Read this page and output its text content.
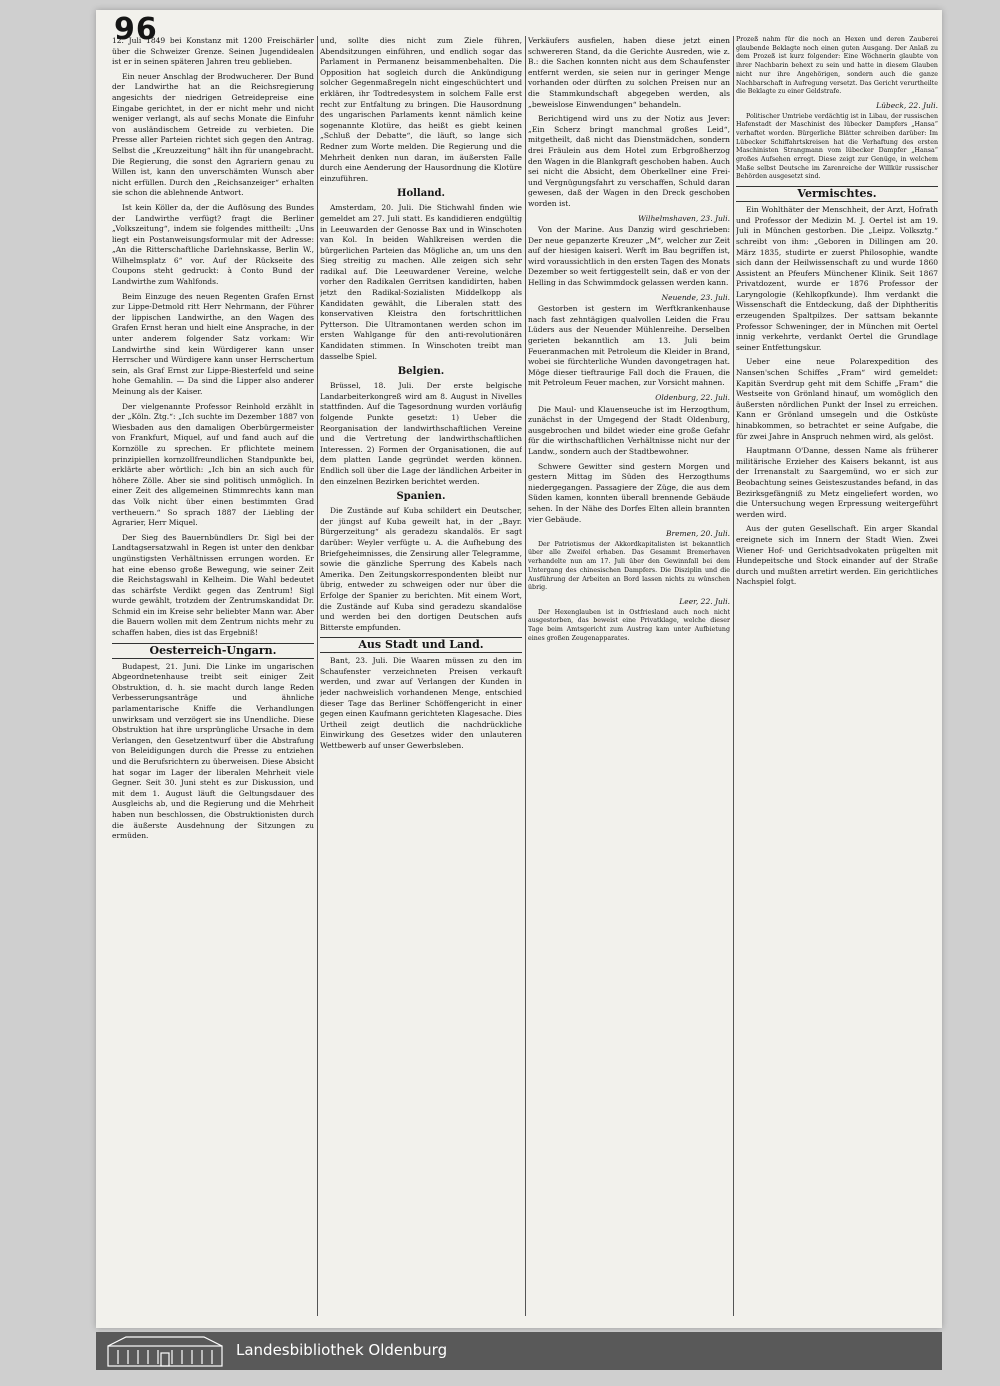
96

12. Juli 1849 bei Konstanz mit 1200 Freischärler über die Schweizer Grenze. Seinen Jugendidealen ist er in seinen späteren Jahren treu geblieben.

Ein neuer Anschlag der Brodwucherer. Der Bund der Landwirthe hat an die Reichsregierung angesichts der niedrigen Getreidepreise eine Eingabe gerichtet, in der er nicht mehr und nicht weniger verlangt, als auf sechs Monate die Einfuhr von ausländischem Getreide zu verbieten. Die Presse aller Parteien richtet sich gegen den Antrag. Selbst die „Kreuzzeitung“ hält ihn für unangebracht. Die Regierung, die sonst den Agrariern genau zu Willen ist, kann den unverschämten Wunsch aber nicht erfüllen. Durch den „Reichsanzeiger“ erhalten sie schon die ablehnende Antwort.

Ist kein Köller da, der die Auflösung des Bundes der Landwirthe verfügt? fragt die Berliner „Volkszeitung“, indem sie folgendes mittheilt: „Uns liegt ein Postanweisungsformular mit der Adresse: „An die Ritterschaftliche Darlehnskasse, Berlin W., Wilhelmsplatz 6“ vor. Auf der Rückseite des Coupons steht gedruckt: à Conto Bund der Landwirthe zum Wahlfonds.

Beim Einzuge des neuen Regenten Grafen Ernst zur Lippe-Detmold ritt Herr Nehrmann, der Führer der lippischen Landwirthe, an den Wagen des Grafen Ernst heran und hielt eine Ansprache, in der unter anderem folgender Satz vorkam: Wir Landwirthe sind kein Würdigerer kann unser Herrscher und Würdigere kann unser Herrschertum sein, als Graf Ernst zur Lippe-Biesterfeld und seine hohe Gemahlin. — Da sind die Lipper also anderer Meinung als der Kaiser.

Der vielgenannte Professor Reinhold erzählt in der „Köln. Ztg.“: „Ich suchte im Dezember 1887 von Wiesbaden aus den damaligen Oberbürgermeister von Frankfurt, Miquel, auf und fand auch auf die Kornzölle zu sprechen. Er pflichtete meinem prinzipiellen kornzollfreundlichen Standpunkte bei, erklärte aber wörtlich: „Ich bin an sich auch für höhere Zölle. Aber sie sind politisch unmöglich. In einer Zeit des allgemeinen Stimmrechts kann man das Volk nicht über einen bestimmten Grad vertheuern.“ So sprach 1887 der Liebling der Agrarier, Herr Miquel.

Der Sieg des Bauernbündlers Dr. Sigl bei der Landtagsersatzwahl in Regen ist unter den denkbar ungünstigsten Verhältnissen errungen worden. Er hat eine ebenso große Bewegung, wie seiner Zeit die Reichstagswahl in Kelheim. Die Wahl bedeutet das schärfste Verdikt gegen das Zentrum! Sigl wurde gewählt, trotzdem der Zentrumskandidat Dr. Schmid ein im Kreise sehr beliebter Mann war. Aber die Bauern wollen mit dem Zentrum nichts mehr zu schaffen haben, dies ist das Ergebniß!

Oesterreich-Ungarn.

Budapest, 21. Juni. Die Linke im ungarischen Abgeordnetenhause treibt seit einiger Zeit Obstruktion, d. h. sie macht durch lange Reden Verbesserungsanträge und ähnliche parlamentarische Kniffe die Verhandlungen unwirksam und verzögert sie ins Unendliche. Diese Obstruktion hat ihre ursprüngliche Ursache in dem Verlangen, den Gesetzentwurf über die Abstrafung von Beleidigungen durch die Presse zu entziehen und die Berufsrichtern zu überweisen. Diese Absicht hat sogar im Lager der liberalen Mehrheit viele Gegner. Seit 30. Juni steht es zur Diskussion, und mit dem 1. August läuft die Geltungsdauer des Ausgleichs ab, und die Regierung und die Mehrheit haben nun beschlossen, die Obstruktionisten durch die äußerste Ausdehnung der Sitzungen zu ermüden.

und, sollte dies nicht zum Ziele führen, Abendsitzungen einführen, und endlich sogar das Parlament in Permanenz beisammenbehalten. Die Opposition hat sogleich durch die Ankündigung solcher Gegenmaßregeln nicht eingeschüchtert und erklären, ihr Todtredesystem in solchem Falle erst recht zur Entfaltung zu bringen. Die Hausordnung des ungarischen Parlaments kennt nämlich keine sogenannte Klotüre, das heißt es giebt keinen „Schluß der Debatte“, die läuft, so lange sich Redner zum Worte melden. Die Regierung und die Mehrheit denken nun daran, im äußersten Falle durch eine Aenderung der Hausordnung die Klotüre einzuführen.

Holland.

Amsterdam, 20. Juli. Die Stichwahl finden wie gemeldet am 27. Juli statt. Es kandidieren endgültig in Leeuwarden der Genosse Bax und in Winschoten van Kol. In beiden Wahlkreisen werden die bürgerlichen Parteien das Mögliche an, um uns den Sieg streitig zu machen. Alle zeigen sich sehr radikal auf. Die Leeuwardener Vereine, welche vorher den Radikalen Gerritsen kandidirten, haben jetzt den Radikal-Sozialisten Middelkopp als Kandidaten gewählt, die Liberalen statt des konservativen Kleistra den fortschrittlichen Pytterson. Die Ultramontanen werden schon im ersten Wahlgange für den anti-revolutionären Kandidaten stimmen. In Winschoten treibt man dasselbe Spiel.

Belgien.

Brüssel, 18. Juli. Der erste belgische Landarbeiterkongreß wird am 8. August in Nivelles stattfinden. Auf die Tagesordnung wurden vorläufig folgende Punkte gesetzt: 1) Ueber die Reorganisation der landwirthschaftlichen Vereine und die Vertretung der landwirthschaftlichen Interessen. 2) Formen der Organisationen, die auf dem platten Lande gegründet werden können. Endlich soll über die Lage der ländlichen Arbeiter in den einzelnen Bezirken berichtet werden.

Spanien.

Die Zustände auf Kuba schildert ein Deutscher, der jüngst auf Kuba geweilt hat, in der „Bayr. Bürgerzeitung“ als geradezu skandalös. Er sagt darüber: Weyler verfügte u. A. die Aufhebung des Briefgeheimnisses, die Zensirung aller Telegramme, sowie die gänzliche Sperrung des Kabels nach Amerika. Den Zeitungskorrespondenten bleibt nur übrig, entweder zu schweigen oder nur über die Erfolge der Spanier zu berichten. Mit einem Wort, die Zustände auf Kuba sind geradezu skandalöse und werden bei den dortigen Deutschen aufs Bitterste empfunden.

Aus Stadt und Land.

Bant, 23. Juli. Die Waaren müssen zu den im Schaufenster verzeichneten Preisen verkauft werden, und zwar auf Verlangen der Kunden in jeder nachweislich vorhandenen Menge, entschied dieser Tage das Berliner Schöffengericht in einer gegen einen Kaufmann gerichteten Klagesache. Dies Urtheil zeigt deutlich die nachdrückliche Einwirkung des Gesetzes wider den unlauteren Wettbewerb auf unser Gewerbsleben.

Verkäufers ausfielen, haben diese jetzt einen schwereren Stand, da die Gerichte Ausreden, wie z. B.: die Sachen konnten nicht aus dem Schaufenster entfernt werden, sie seien nur in geringer Menge vorhanden oder dürften zu solchen Preisen nur an die Stammkundschaft abgegeben werden, als „beweislose Einwendungen“ behandeln.

Berichtigend wird uns zu der Notiz aus Jever: „Ein Scherz bringt manchmal großes Leid“, mitgetheilt, daß nicht das Dienstmädchen, sondern drei Fräulein aus dem Hotel zum Erbgroßherzog den Wagen in die Blankgraft geschoben haben. Auch sei nicht die Absicht, dem Oberkellner eine Frei- und Vergnügungsfahrt zu verschaffen, Schuld daran gewesen, daß der Wagen in den Dreck geschoben worden ist.

Wilhelmshaven, 23. Juli.

Von der Marine. Aus Danzig wird geschrieben: Der neue gepanzerte Kreuzer „M“, welcher zur Zeit auf der hiesigen kaiserl. Werft im Bau begriffen ist, wird voraussichtlich in den ersten Tagen des Monats Dezember so weit fertiggestellt sein, daß er von der Helling in das Schwimmdock gelassen werden kann.

Neuende, 23. Juli.

Gestorben ist gestern im Werftkrankenhause nach fast zehntägigen qualvollen Leiden die Frau Lüders aus der Neuender Mühlenreihe. Derselben gerieten bekanntlich am 13. Juli beim Feueranmachen mit Petroleum die Kleider in Brand, wobei sie fürchterliche Wunden davongetragen hat. Möge dieser tieftraurige Fall doch die Frauen, die mit Petroleum Feuer machen, zur Vorsicht mahnen.

Oldenburg, 22. Juli.

Die Maul- und Klauenseuche ist im Herzogthum, zunächst in der Umgegend der Stadt Oldenburg, ausgebrochen und bildet wieder eine große Gefahr für die wirthschaftlichen Verhältnisse nicht nur der Landw., sondern auch der Stadtbewohner.

Schwere Gewitter sind gestern Morgen und gestern Mittag im Süden des Herzogthums niedergegangen. Passagiere der Züge, die aus dem Süden kamen, konnten überall brennende Gebäude sehen. In der Nähe des Dorfes Elten allein brannten vier Gebäude.

Bremen, 20. Juli.

Der Patriotismus der Akkordkapitalisten ist bekanntlich über alle Zweifel erhaben. Das Gesammt Bremerhaven verhandelte nun am 17. Juli über den Gewinnfall bei dem Untergang des chinesischen Dampfers. Die Disziplin und die Ausführung der Arbeiten an Bord lassen nichts zu wünschen übrig.

Leer, 22. Juli.

Der Hexenglauben ist in Ostfriesland auch noch nicht ausgestorben, das beweist eine Privatklage, welche dieser Tage beim Amtsgericht zum Austrag kam unter Aufbietung eines großen Zeugenapparates.

Prozeß nahm für die noch an Hexen und deren Zauberei glaubende Beklagte noch einen guten Ausgang. Der Anlaß zu dem Prozeß ist kurz folgender: Eine Wöchnerin glaubte von ihrer Nachbarin behext zu sein und hatte in diesem Glauben nicht nur ihre Angehörigen, sondern auch die ganze Nachbarschaft in Aufregung versetzt. Das Gericht verurtheilte die Beklagte zu einer Geldstrafe.

Lübeck, 22. Juli.

Politischer Umtriebe verdächtig ist in Libau, der russischen Hafenstadt der Maschinist des lübecker Dampfers „Hansa“ verhaftet worden. Bürgerliche Blätter schreiben darüber: Im Lübecker Schiffahrtskreisen hat die Verhaftung des ersten Maschinisten Strangmann vom lübecker Dampfer „Hansa“ großes Aufsehen erregt. Diese zeigt zur Genüge, in welchem Maße selbst Deutsche im Zarenreiche der Willkür russischer Behörden ausgesetzt sind.

Vermischtes.

Ein Wohlthäter der Menschheit, der Arzt, Hofrath und Professor der Medizin M. J. Oertel ist am 19. Juli in München gestorben. Die „Leipz. Volksztg.“ schreibt von ihm: „Geboren in Dillingen am 20. März 1835, studirte er zuerst Philosophie, wandte sich dann der Heilwissenschaft zu und wurde 1860 Assistent an Pfeufers Münchener Klinik. Seit 1867 Privatdozent, wurde er 1876 Professor der Laryngologie (Kehlkopfkunde). Ihm verdankt die Wissenschaft die Entdeckung, daß der Diphtheritis erzeugenden Spaltpilzes. Der sattsam bekannte Professor Schweninger, der in München mit Oertel innig verkehrte, verdankt Oertel die Grundlage seiner Entfettungskur.

Ueber eine neue Polarexpedition des Nansen'schen Schiffes „Fram“ wird gemeldet: Kapitän Sverdrup geht mit dem Schiffe „Fram“ die Westseite von Grönland hinauf, um womöglich den äußersten nördlichen Punkt der Insel zu erreichen. Kann er Grönland umsegeln und die Ostküste hinabkommen, so betrachtet er seine Aufgabe, die für zwei Jahre in Anspruch nehmen wird, als gelöst.

Hauptmann O'Danne, dessen Name als früherer militärische Erzieher des Kaisers bekannt, ist aus der Irrenanstalt zu Saargemünd, wo er sich zur Beobachtung seines Geisteszustandes befand, in das Bezirksgefängniß zu Metz eingeliefert worden, wo die Untersuchung wegen Erpressung weitergeführt werden wird.

Aus der guten Gesellschaft. Ein arger Skandal ereignete sich im Innern der Stadt Wien. Zwei Wiener Hof- und Gerichtsadvokaten prügelten mit Hundepeitsche und Stock einander auf der Straße durch und mußten arretirt werden. Ein gerichtliches Nachspiel folgt.

Landesbibliothek Oldenburg
